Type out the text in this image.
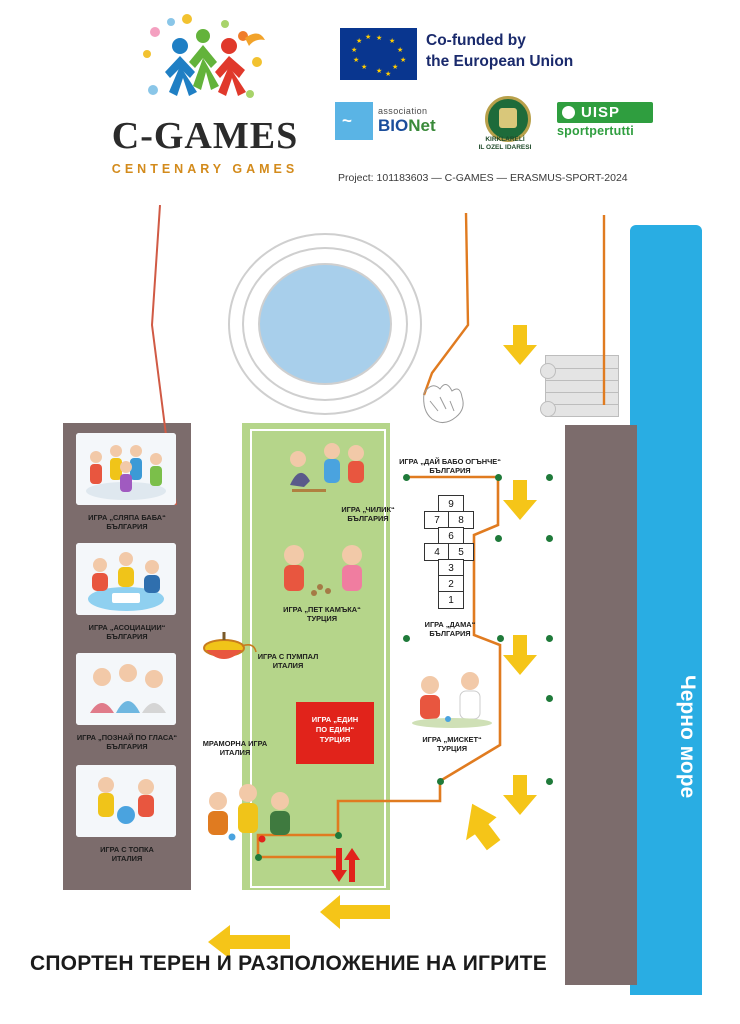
C-GAMES
CENTENARY GAMES
★ ★
★
★
★
★
★
★
★
★
★
★
Co-funded by
the European Union
~	association
BIONet
KIRKLARELİ
IL OZEL IDARESI
UISP
sportpertutti
Project: 101183603 — C-GAMES — ERASMUS-SPORT-2024
Черно море
ИГРА „СЛЯПА БАБА“
БЪЛГАРИЯ
ИГРА „АСОЦИАЦИИ“
БЪЛГАРИЯ
ИГРА „ПОЗНАЙ ПО ГЛАСА“
БЪЛГАРИЯ
ИГРА С ТОПКА
ИТАЛИЯ
ИГРА „ЧИЛИК“
БЪЛГАРИЯ
ИГРА „ПЕТ КАМЪКА“
ТУРЦИЯ
ИГРА С ПУМПАЛ
ИТАЛИЯ
МРАМОРНА ИГРА
ИТАЛИЯ
ИГРА „ЕДИН
ПО ЕДИН“
ТУРЦИЯ
ИГРА „ДАЙ БАБО ОГЪНЧЕ“
БЪЛГАРИЯ
9
7	8
6
4	5
3
2
1
ИГРА „ДАМА“
БЪЛГАРИЯ
ИГРА „МИСКЕТ“
ТУРЦИЯ
СПОРТЕН ТЕРЕН И РАЗПОЛОЖЕНИЕ НА ИГРИТЕ
